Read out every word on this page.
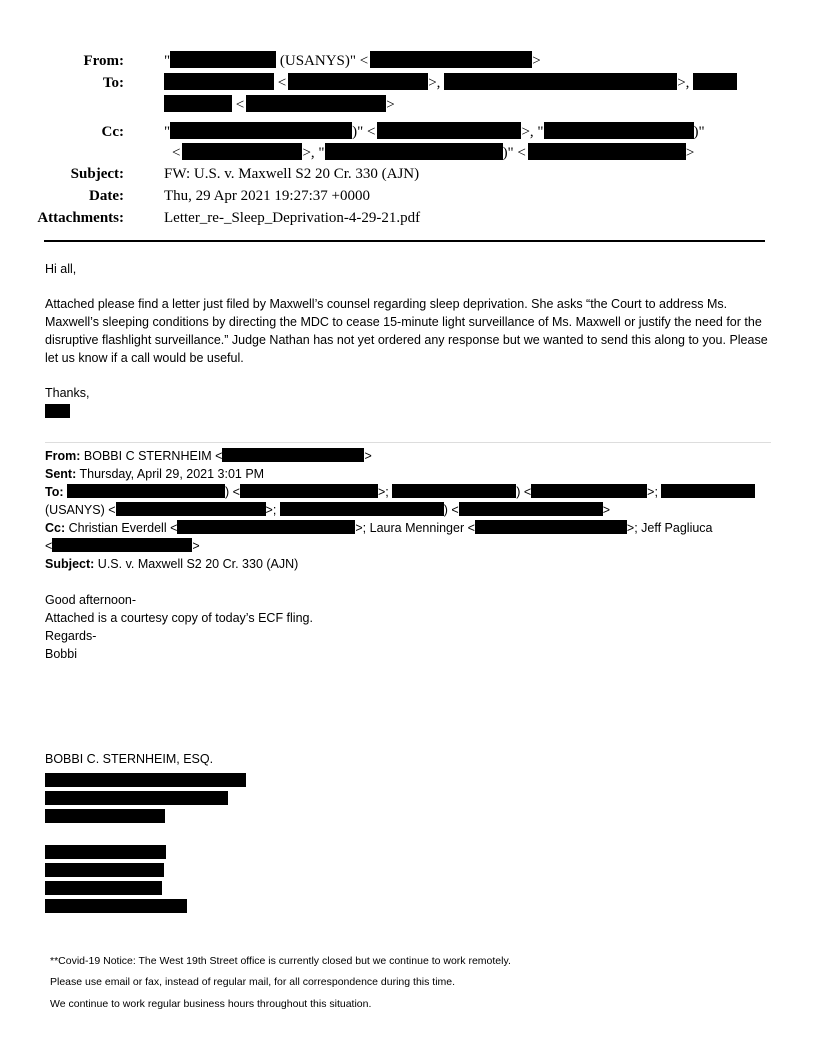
From:	"	(USANYS)" <	>
To:	<	>,	>,
<	>
Cc:	"	)" <	>, "	)"
<	>, "	)" <	>
Subject:	FW: U.S. v. Maxwell S2 20 Cr. 330 (AJN)
Date:	Thu, 29 Apr 2021 19:27:37 +0000
Attachments:	Letter_re-_Sleep_Deprivation-4-29-21.pdf

Hi all,

Attached please find a letter just filed by Maxwell’s counsel regarding sleep deprivation. She asks “the Court to address Ms. Maxwell’s sleeping conditions by directing the MDC to cease 15-minute light surveillance of Ms. Maxwell or justify the need for the disruptive flashlight surveillance.” Judge Nathan has not yet ordered any response but we wanted to send this along to you. Please let us know if a call would be useful.

Thanks,

From: BOBBI C STERNHEIM <	>
Sent: Thursday, April 29, 2021 3:01 PM
To:	) <	>;	) <	>;
(USANYS) <	>;	) <	>
Cc: Christian Everdell <	>; Laura Menninger <	>; Jeff Pagliuca
<	>
Subject: U.S. v. Maxwell S2 20 Cr. 330 (AJN)
Good afternoon-
Attached is a courtesy copy of today’s ECF fling.
Regards-
Bobbi
BOBBI C. STERNHEIM, ESQ.
**Covid-19 Notice: The West 19th Street office is currently closed but we continue to work remotely.
Please use email or fax, instead of regular mail, for all correspondence during this time.
We continue to work regular business hours throughout this situation.
